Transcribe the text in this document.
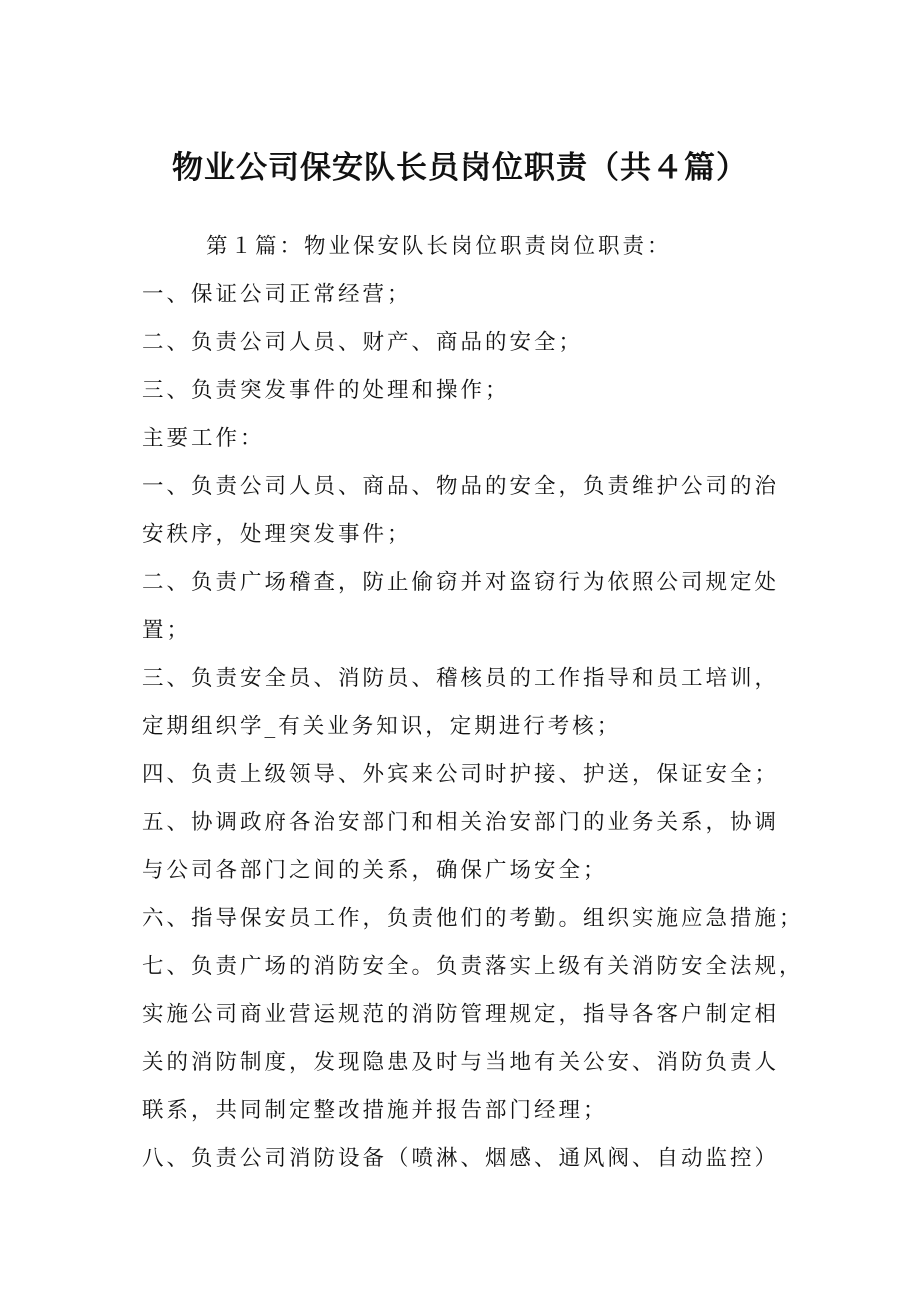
物业公司保安队长员岗位职责（共４篇）

第１篇：物业保安队长岗位职责岗位职责：

一、保证公司正常经营；

二、负责公司人员、财产、商品的安全；

三、负责突发事件的处理和操作；

主要工作：

一、负责公司人员、商品、物品的安全，负责维护公司的治

安秩序，处理突发事件；

二、负责广场稽查，防止偷窃并对盗窃行为依照公司规定处

置；

三、负责安全员、消防员、稽核员的工作指导和员工培训，

定期组织学_有关业务知识，定期进行考核；

四、负责上级领导、外宾来公司时护接、护送，保证安全；

五、协调政府各治安部门和相关治安部门的业务关系，协调

与公司各部门之间的关系，确保广场安全；

六、指导保安员工作，负责他们的考勤。组织实施应急措施；

七、负责广场的消防安全。负责落实上级有关消防安全法规，

实施公司商业营运规范的消防管理规定，指导各客户制定相

关的消防制度，发现隐患及时与当地有关公安、消防负责人

联系，共同制定整改措施并报告部门经理；

八、负责公司消防设备（喷淋、烟感、通风阀、自动监控）
